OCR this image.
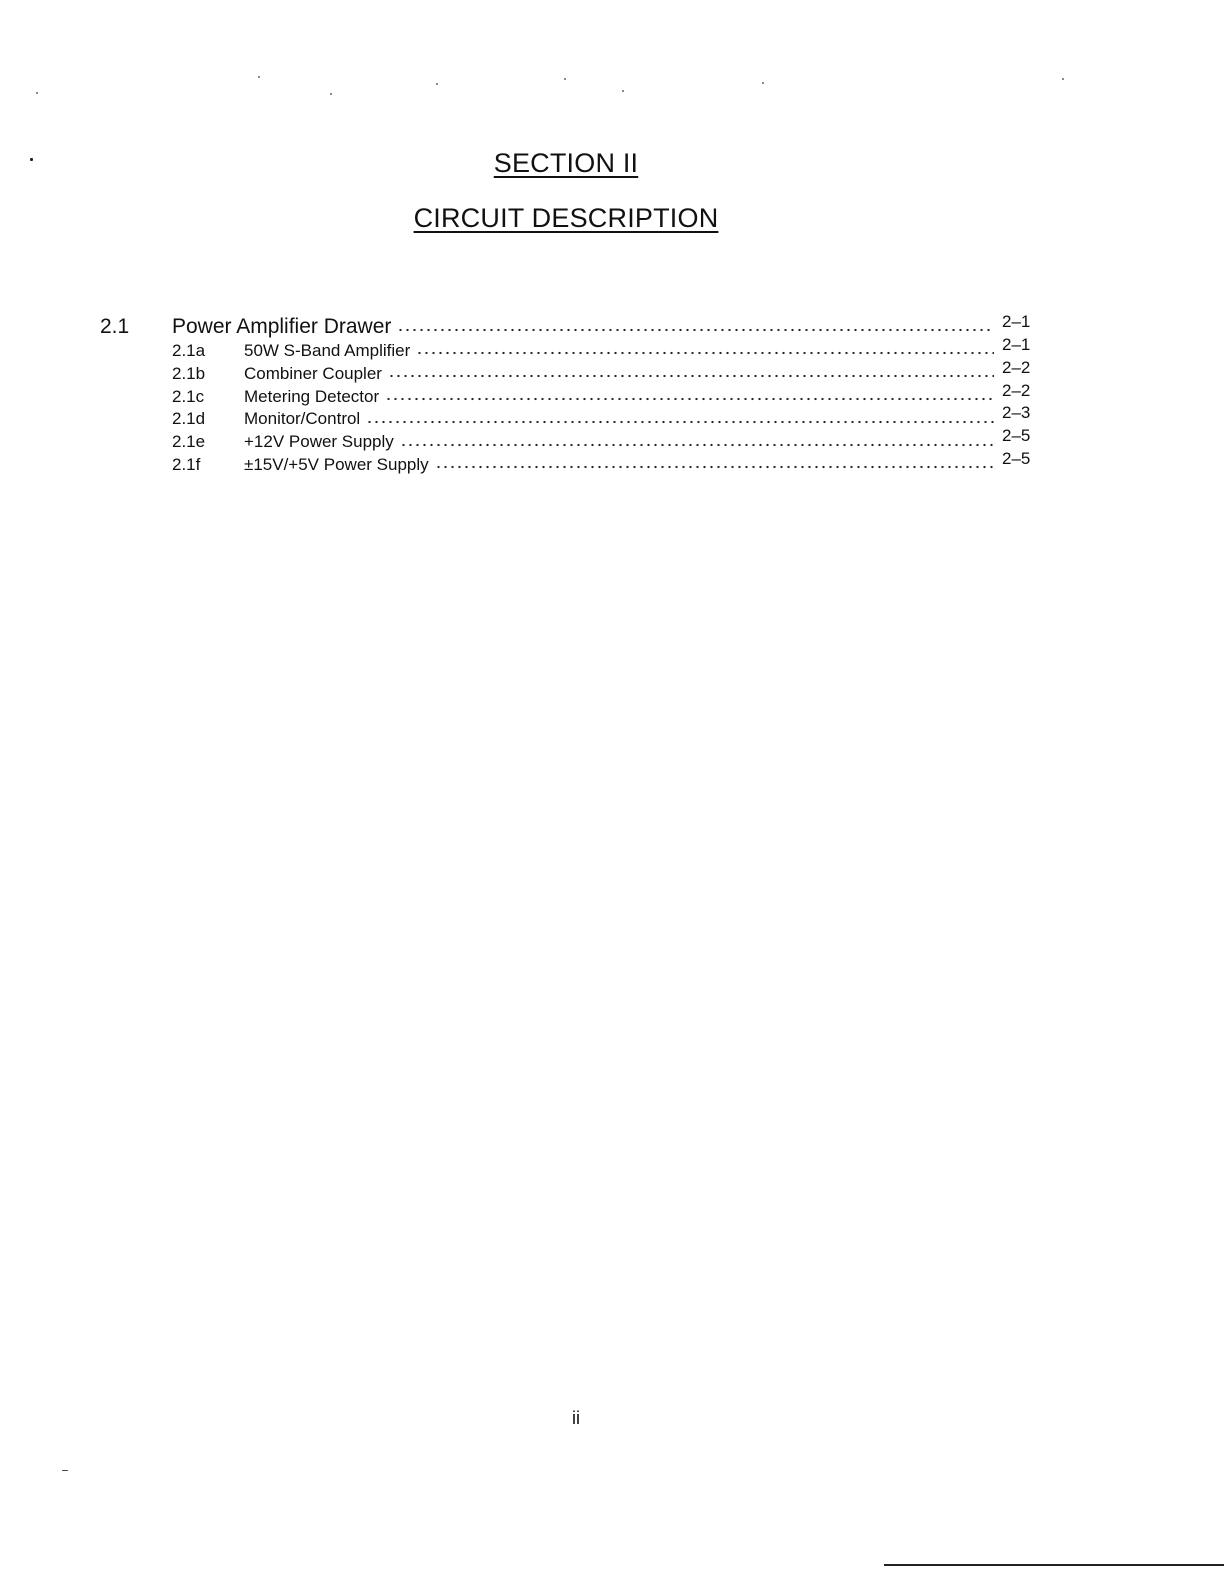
SECTION II
CIRCUIT DESCRIPTION
2.1	Power Amplifier Drawer	2–1
2.1a	50W S-Band Amplifier	2–1
2.1b	Combiner Coupler	2–2
2.1c	Metering Detector	2–2
2.1d	Monitor/Control	2–3
2.1e	+12V Power Supply	2–5
2.1f	±15V/+5V Power Supply	2–5
ii
